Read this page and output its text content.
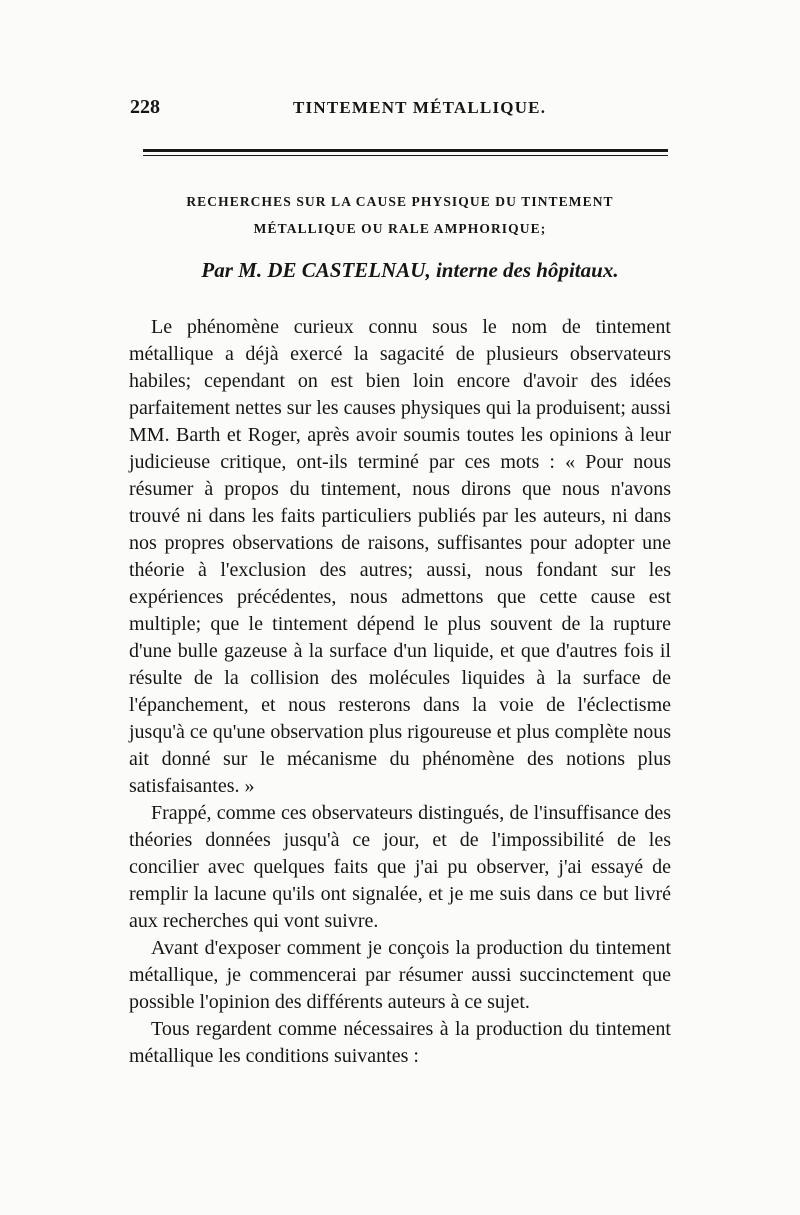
228	TINTEMENT MÉTALLIQUE.
RECHERCHES SUR LA CAUSE PHYSIQUE DU TINTEMENT
MÉTALLIQUE OU RALE AMPHORIQUE;
Par M. DE CASTELNAU, interne des hôpitaux.

Le phénomène curieux connu sous le nom de tintement métallique a déjà exercé la sagacité de plusieurs observateurs habiles; cependant on est bien loin encore d'avoir des idées parfaitement nettes sur les causes physiques qui la produisent; aussi MM. Barth et Roger, après avoir soumis toutes les opinions à leur judicieuse critique, ont-ils terminé par ces mots : « Pour nous résumer à propos du tintement, nous dirons que nous n'avons trouvé ni dans les faits particuliers publiés par les auteurs, ni dans nos propres observations de raisons, suffisantes pour adopter une théorie à l'exclusion des autres; aussi, nous fondant sur les expériences précédentes, nous admettons que cette cause est multiple; que le tintement dépend le plus souvent de la rupture d'une bulle gazeuse à la surface d'un liquide, et que d'autres fois il résulte de la collision des molécules liquides à la surface de l'épanchement, et nous resterons dans la voie de l'éclectisme jusqu'à ce qu'une observation plus rigoureuse et plus complète nous ait donné sur le mécanisme du phénomène des notions plus satisfaisantes. »

Frappé, comme ces observateurs distingués, de l'insuffisance des théories données jusqu'à ce jour, et de l'impossibilité de les concilier avec quelques faits que j'ai pu observer, j'ai essayé de remplir la lacune qu'ils ont signalée, et je me suis dans ce but livré aux recherches qui vont suivre.

Avant d'exposer comment je conçois la production du tintement métallique, je commencerai par résumer aussi succinctement que possible l'opinion des différents auteurs à ce sujet.

Tous regardent comme nécessaires à la production du tintement métallique les conditions suivantes :
